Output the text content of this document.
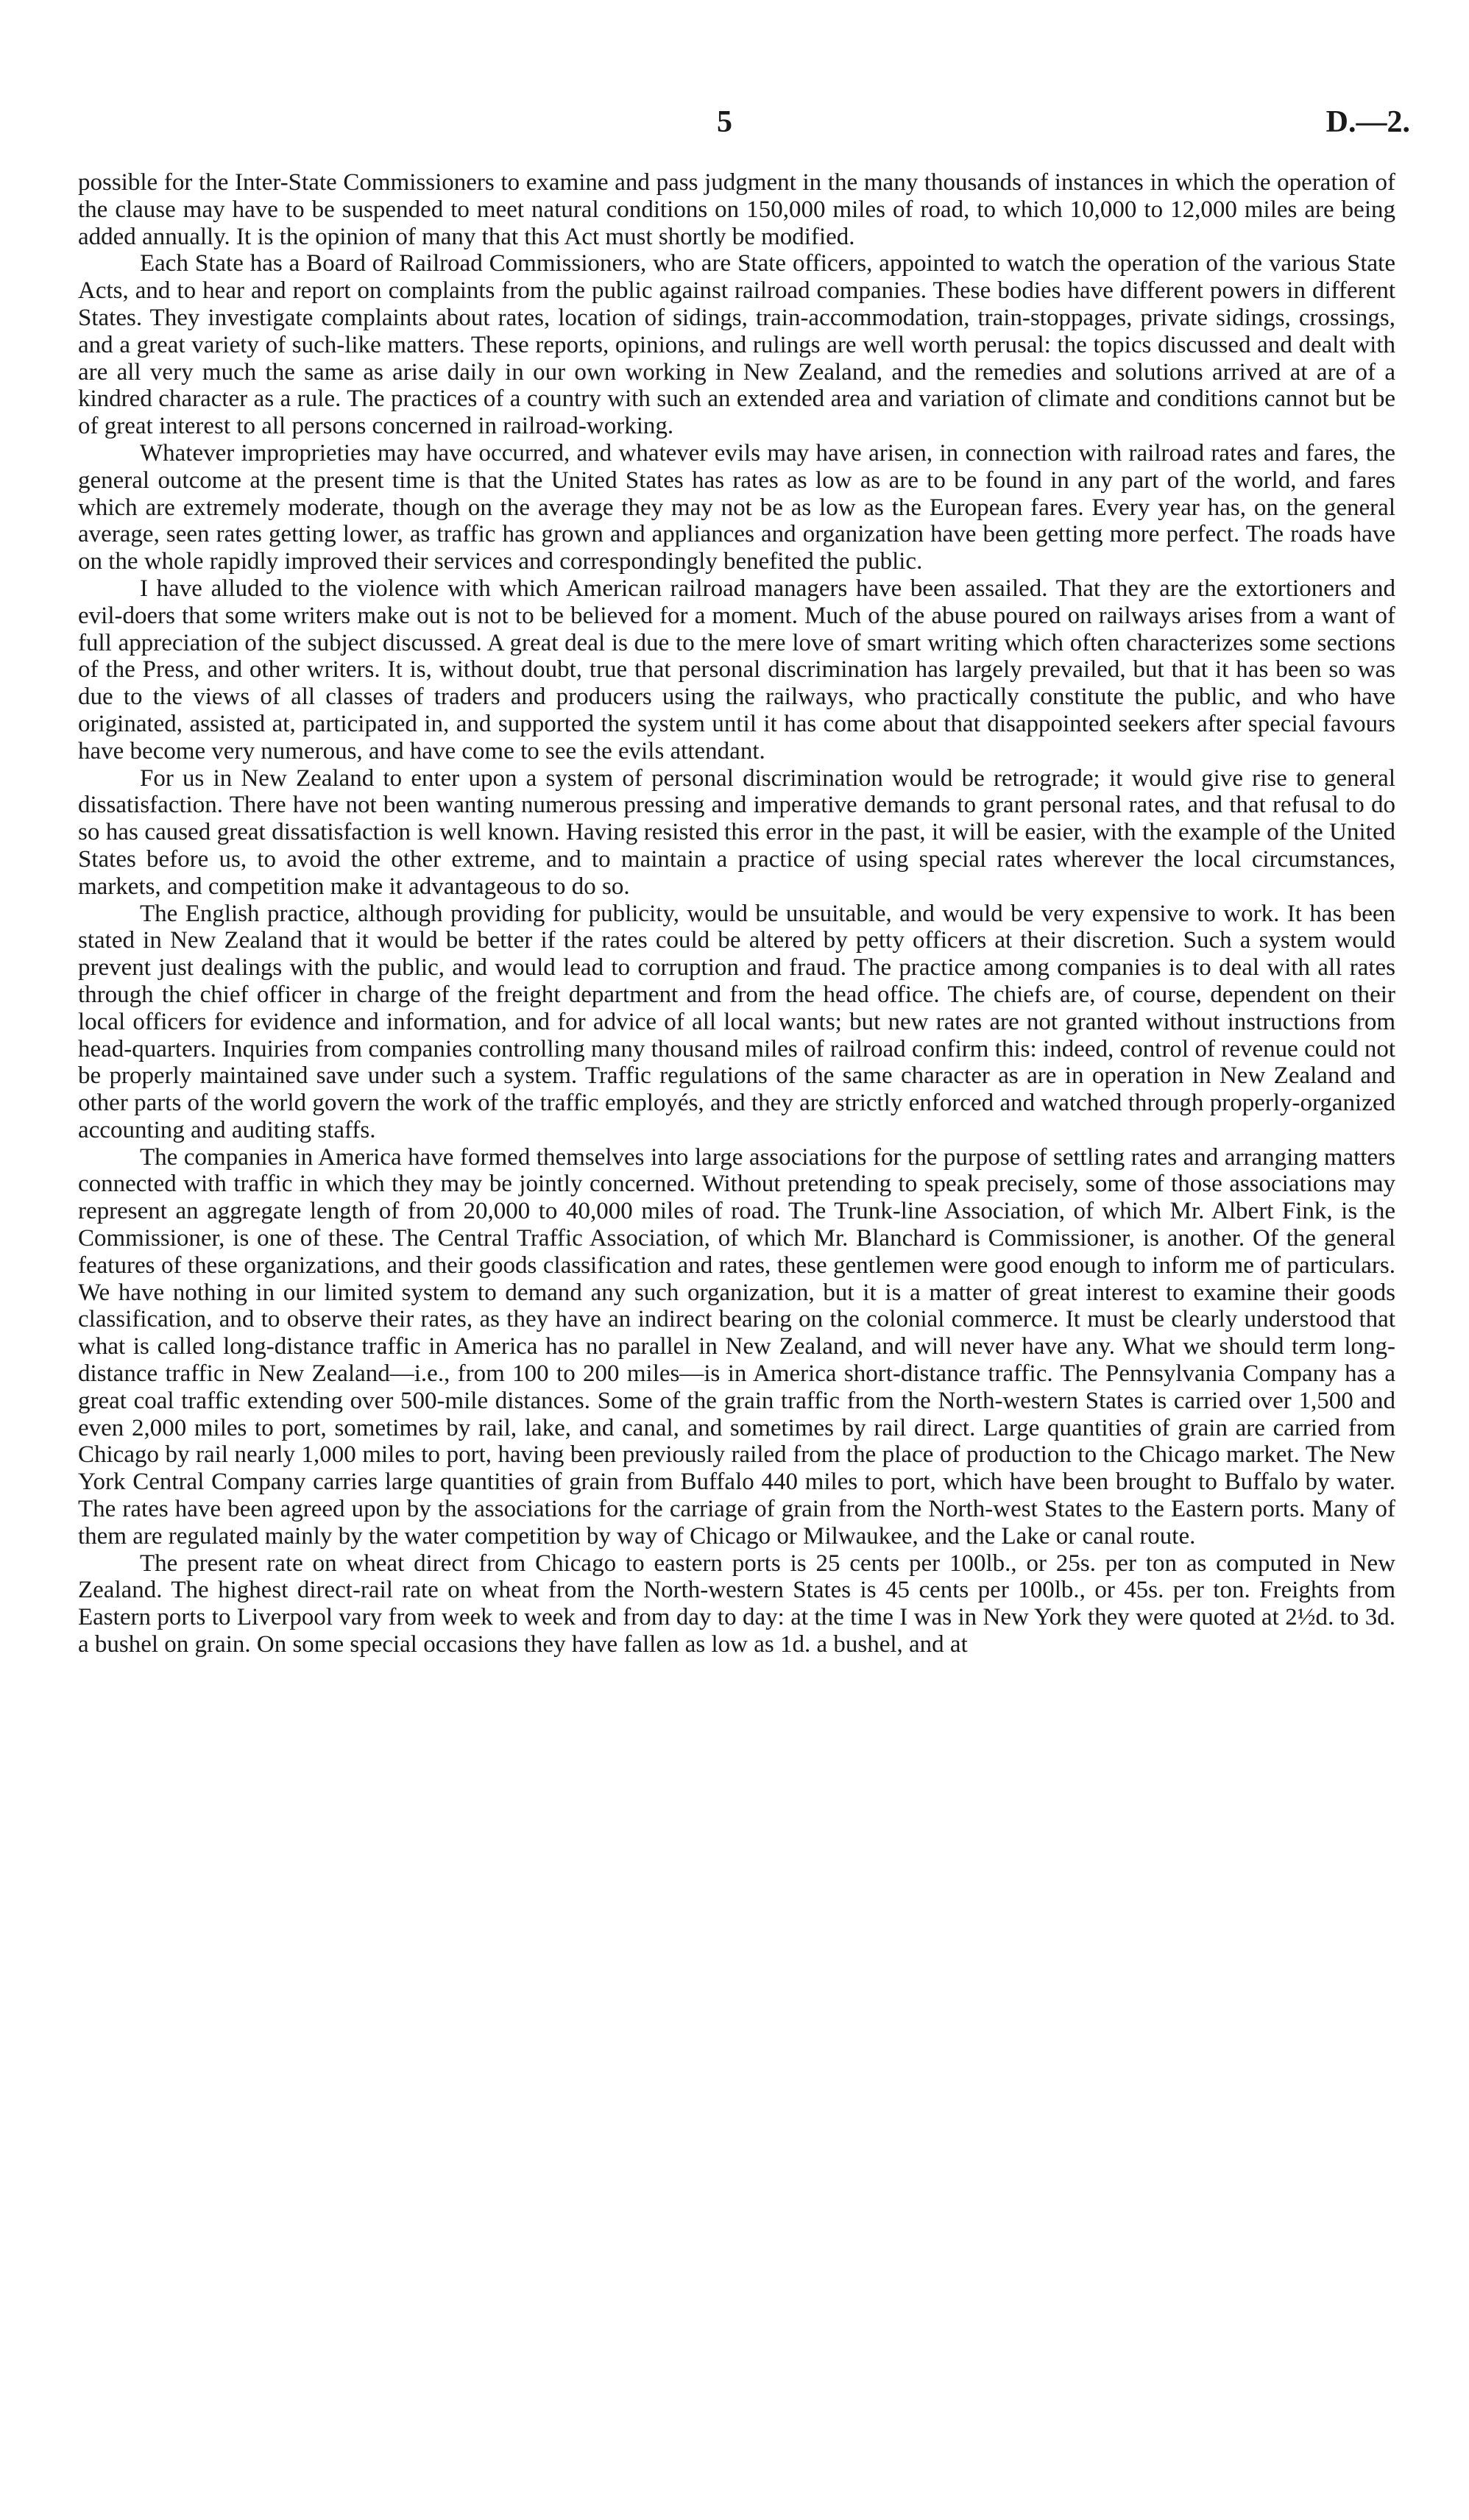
5	D.—2.

possible for the Inter-State Commissioners to examine and pass judgment in the many thousands of instances in which the operation of the clause may have to be suspended to meet natural conditions on 150,000 miles of road, to which 10,000 to 12,000 miles are being added annually. It is the opinion of many that this Act must shortly be modified.

Each State has a Board of Railroad Commissioners, who are State officers, appointed to watch the operation of the various State Acts, and to hear and report on complaints from the public against railroad companies. These bodies have different powers in different States. They investigate complaints about rates, location of sidings, train-accommodation, train-stoppages, private sidings, crossings, and a great variety of such-like matters. These reports, opinions, and rulings are well worth perusal: the topics discussed and dealt with are all very much the same as arise daily in our own working in New Zealand, and the remedies and solutions arrived at are of a kindred character as a rule. The practices of a country with such an extended area and variation of climate and conditions cannot but be of great interest to all persons concerned in railroad-working.

Whatever improprieties may have occurred, and whatever evils may have arisen, in connection with railroad rates and fares, the general outcome at the present time is that the United States has rates as low as are to be found in any part of the world, and fares which are extremely moderate, though on the average they may not be as low as the European fares. Every year has, on the general average, seen rates getting lower, as traffic has grown and appliances and organization have been getting more perfect. The roads have on the whole rapidly improved their services and correspondingly benefited the public.

I have alluded to the violence with which American railroad managers have been assailed. That they are the extortioners and evil-doers that some writers make out is not to be believed for a moment. Much of the abuse poured on railways arises from a want of full appreciation of the subject discussed. A great deal is due to the mere love of smart writing which often characterizes some sections of the Press, and other writers. It is, without doubt, true that personal discrimination has largely prevailed, but that it has been so was due to the views of all classes of traders and producers using the railways, who practically constitute the public, and who have originated, assisted at, participated in, and supported the system until it has come about that disappointed seekers after special favours have become very numerous, and have come to see the evils attendant.

For us in New Zealand to enter upon a system of personal discrimination would be retrograde; it would give rise to general dissatisfaction. There have not been wanting numerous pressing and imperative demands to grant personal rates, and that refusal to do so has caused great dissatisfaction is well known. Having resisted this error in the past, it will be easier, with the example of the United States before us, to avoid the other extreme, and to maintain a practice of using special rates wherever the local circumstances, markets, and competition make it advantageous to do so.

The English practice, although providing for publicity, would be unsuitable, and would be very expensive to work. It has been stated in New Zealand that it would be better if the rates could be altered by petty officers at their discretion. Such a system would prevent just dealings with the public, and would lead to corruption and fraud. The practice among companies is to deal with all rates through the chief officer in charge of the freight department and from the head office. The chiefs are, of course, dependent on their local officers for evidence and information, and for advice of all local wants; but new rates are not granted without instructions from head-quarters. Inquiries from companies controlling many thousand miles of railroad confirm this: indeed, control of revenue could not be properly maintained save under such a system. Traffic regulations of the same character as are in operation in New Zealand and other parts of the world govern the work of the traffic employés, and they are strictly enforced and watched through properly-organized accounting and auditing staffs.

The companies in America have formed themselves into large associations for the purpose of settling rates and arranging matters connected with traffic in which they may be jointly concerned. Without pretending to speak precisely, some of those associations may represent an aggregate length of from 20,000 to 40,000 miles of road. The Trunk-line Association, of which Mr. Albert Fink, is the Commissioner, is one of these. The Central Traffic Association, of which Mr. Blanchard is Commissioner, is another. Of the general features of these organizations, and their goods classification and rates, these gentlemen were good enough to inform me of particulars. We have nothing in our limited system to demand any such organization, but it is a matter of great interest to examine their goods classification, and to observe their rates, as they have an indirect bearing on the colonial commerce. It must be clearly understood that what is called long-distance traffic in America has no parallel in New Zealand, and will never have any. What we should term long-distance traffic in New Zealand—i.e., from 100 to 200 miles—is in America short-distance traffic. The Pennsylvania Company has a great coal traffic extending over 500-mile distances. Some of the grain traffic from the North-western States is carried over 1,500 and even 2,000 miles to port, sometimes by rail, lake, and canal, and sometimes by rail direct. Large quantities of grain are carried from Chicago by rail nearly 1,000 miles to port, having been previously railed from the place of production to the Chicago market. The New York Central Company carries large quantities of grain from Buffalo 440 miles to port, which have been brought to Buffalo by water. The rates have been agreed upon by the associations for the carriage of grain from the North-west States to the Eastern ports. Many of them are regulated mainly by the water competition by way of Chicago or Milwaukee, and the Lake or canal route.

The present rate on wheat direct from Chicago to eastern ports is 25 cents per 100lb., or 25s. per ton as computed in New Zealand. The highest direct-rail rate on wheat from the North-western States is 45 cents per 100lb., or 45s. per ton. Freights from Eastern ports to Liverpool vary from week to week and from day to day: at the time I was in New York they were quoted at 2½d. to 3d. a bushel on grain. On some special occasions they have fallen as low as 1d. a bushel, and at
